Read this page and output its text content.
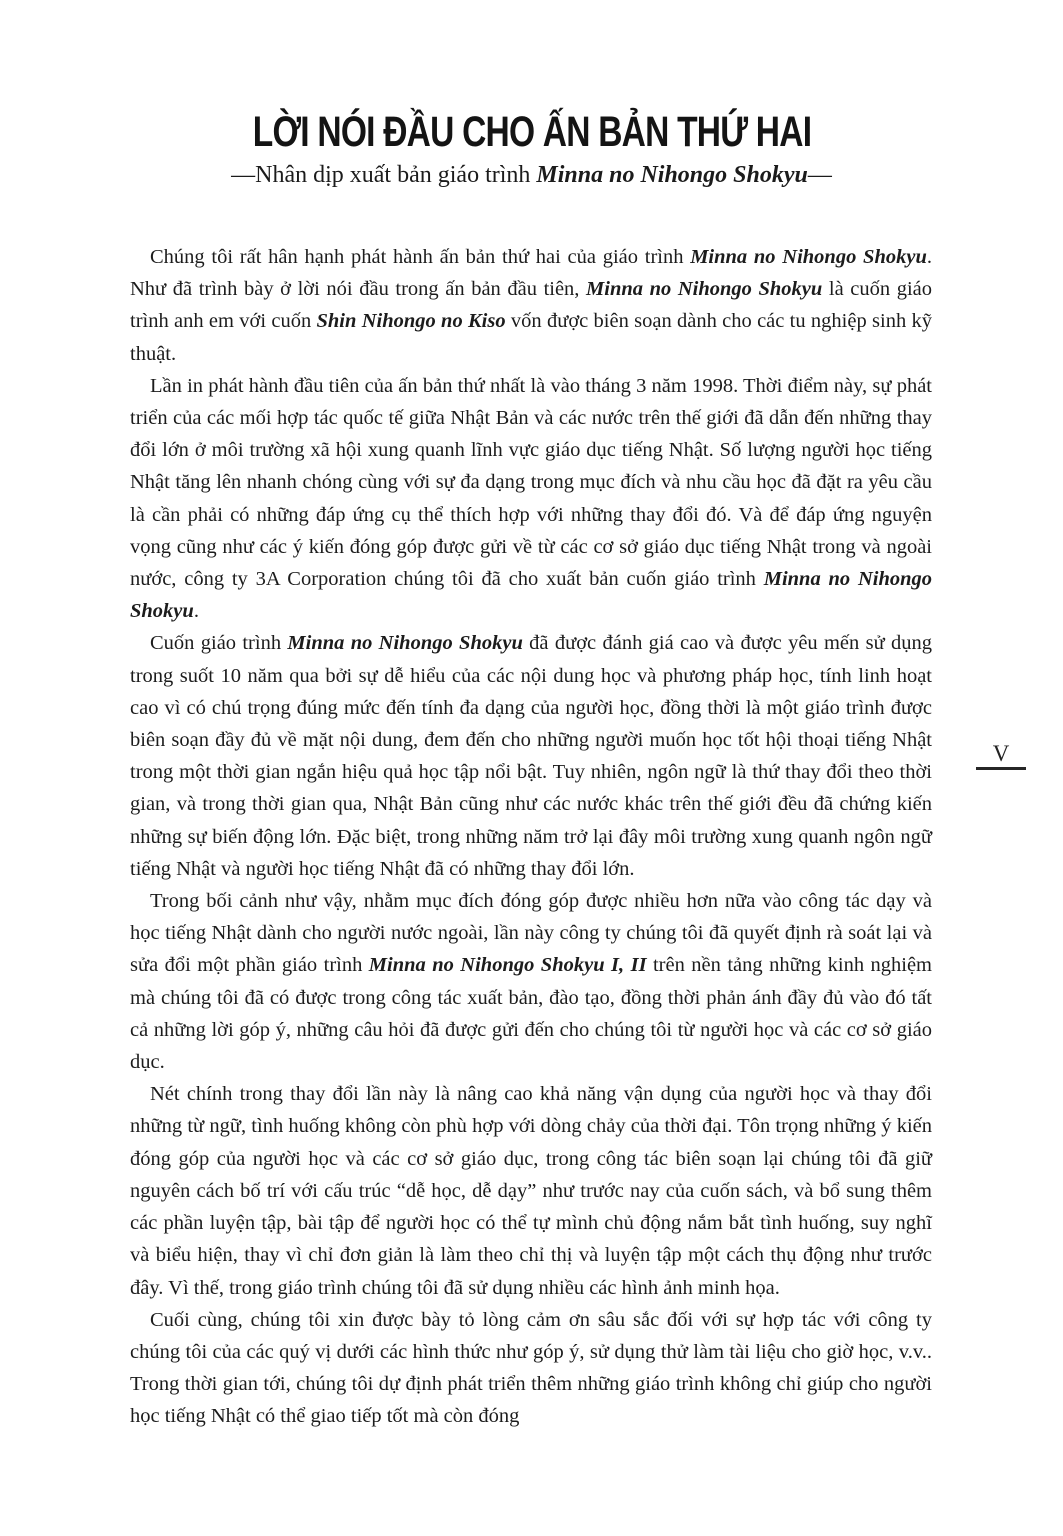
LỜI NÓI ĐẦU CHO ẤN BẢN THỨ HAI
—Nhân dịp xuất bản giáo trình Minna no Nihongo Shokyu—

Chúng tôi rất hân hạnh phát hành ấn bản thứ hai của giáo trình Minna no Nihongo Shokyu. Như đã trình bày ở lời nói đầu trong ấn bản đầu tiên, Minna no Nihongo Shokyu là cuốn giáo trình anh em với cuốn Shin Nihongo no Kiso vốn được biên soạn dành cho các tu nghiệp sinh kỹ thuật.

Lần in phát hành đầu tiên của ấn bản thứ nhất là vào tháng 3 năm 1998. Thời điểm này, sự phát triển của các mối hợp tác quốc tế giữa Nhật Bản và các nước trên thế giới đã dẫn đến những thay đổi lớn ở môi trường xã hội xung quanh lĩnh vực giáo dục tiếng Nhật. Số lượng người học tiếng Nhật tăng lên nhanh chóng cùng với sự đa dạng trong mục đích và nhu cầu học đã đặt ra yêu cầu là cần phải có những đáp ứng cụ thể thích hợp với những thay đổi đó. Và để đáp ứng nguyện vọng cũng như các ý kiến đóng góp được gửi về từ các cơ sở giáo dục tiếng Nhật trong và ngoài nước, công ty 3A Corporation chúng tôi đã cho xuất bản cuốn giáo trình Minna no Nihongo Shokyu.

Cuốn giáo trình Minna no Nihongo Shokyu đã được đánh giá cao và được yêu mến sử dụng trong suốt 10 năm qua bởi sự dễ hiểu của các nội dung học và phương pháp học, tính linh hoạt cao vì có chú trọng đúng mức đến tính đa dạng của người học, đồng thời là một giáo trình được biên soạn đầy đủ về mặt nội dung, đem đến cho những người muốn học tốt hội thoại tiếng Nhật trong một thời gian ngắn hiệu quả học tập nổi bật. Tuy nhiên, ngôn ngữ là thứ thay đổi theo thời gian, và trong thời gian qua, Nhật Bản cũng như các nước khác trên thế giới đều đã chứng kiến những sự biến động lớn. Đặc biệt, trong những năm trở lại đây môi trường xung quanh ngôn ngữ tiếng Nhật và người học tiếng Nhật đã có những thay đổi lớn.

Trong bối cảnh như vậy, nhằm mục đích đóng góp được nhiều hơn nữa vào công tác dạy và học tiếng Nhật dành cho người nước ngoài, lần này công ty chúng tôi đã quyết định rà soát lại và sửa đổi một phần giáo trình Minna no Nihongo Shokyu I, II trên nền tảng những kinh nghiệm mà chúng tôi đã có được trong công tác xuất bản, đào tạo, đồng thời phản ánh đầy đủ vào đó tất cả những lời góp ý, những câu hỏi đã được gửi đến cho chúng tôi từ người học và các cơ sở giáo dục.

Nét chính trong thay đổi lần này là nâng cao khả năng vận dụng của người học và thay đổi những từ ngữ, tình huống không còn phù hợp với dòng chảy của thời đại. Tôn trọng những ý kiến đóng góp của người học và các cơ sở giáo dục, trong công tác biên soạn lại chúng tôi đã giữ nguyên cách bố trí với cấu trúc “dễ học, dễ dạy” như trước nay của cuốn sách, và bổ sung thêm các phần luyện tập, bài tập để người học có thể tự mình chủ động nắm bắt tình huống, suy nghĩ và biểu hiện, thay vì chỉ đơn giản là làm theo chỉ thị và luyện tập một cách thụ động như trước đây. Vì thế, trong giáo trình chúng tôi đã sử dụng nhiều các hình ảnh minh họa.

Cuối cùng, chúng tôi xin được bày tỏ lòng cảm ơn sâu sắc đối với sự hợp tác với công ty chúng tôi của các quý vị dưới các hình thức như góp ý, sử dụng thử làm tài liệu cho giờ học, v.v.. Trong thời gian tới, chúng tôi dự định phát triển thêm những giáo trình không chỉ giúp cho người học tiếng Nhật có thể giao tiếp tốt mà còn đóng

V
